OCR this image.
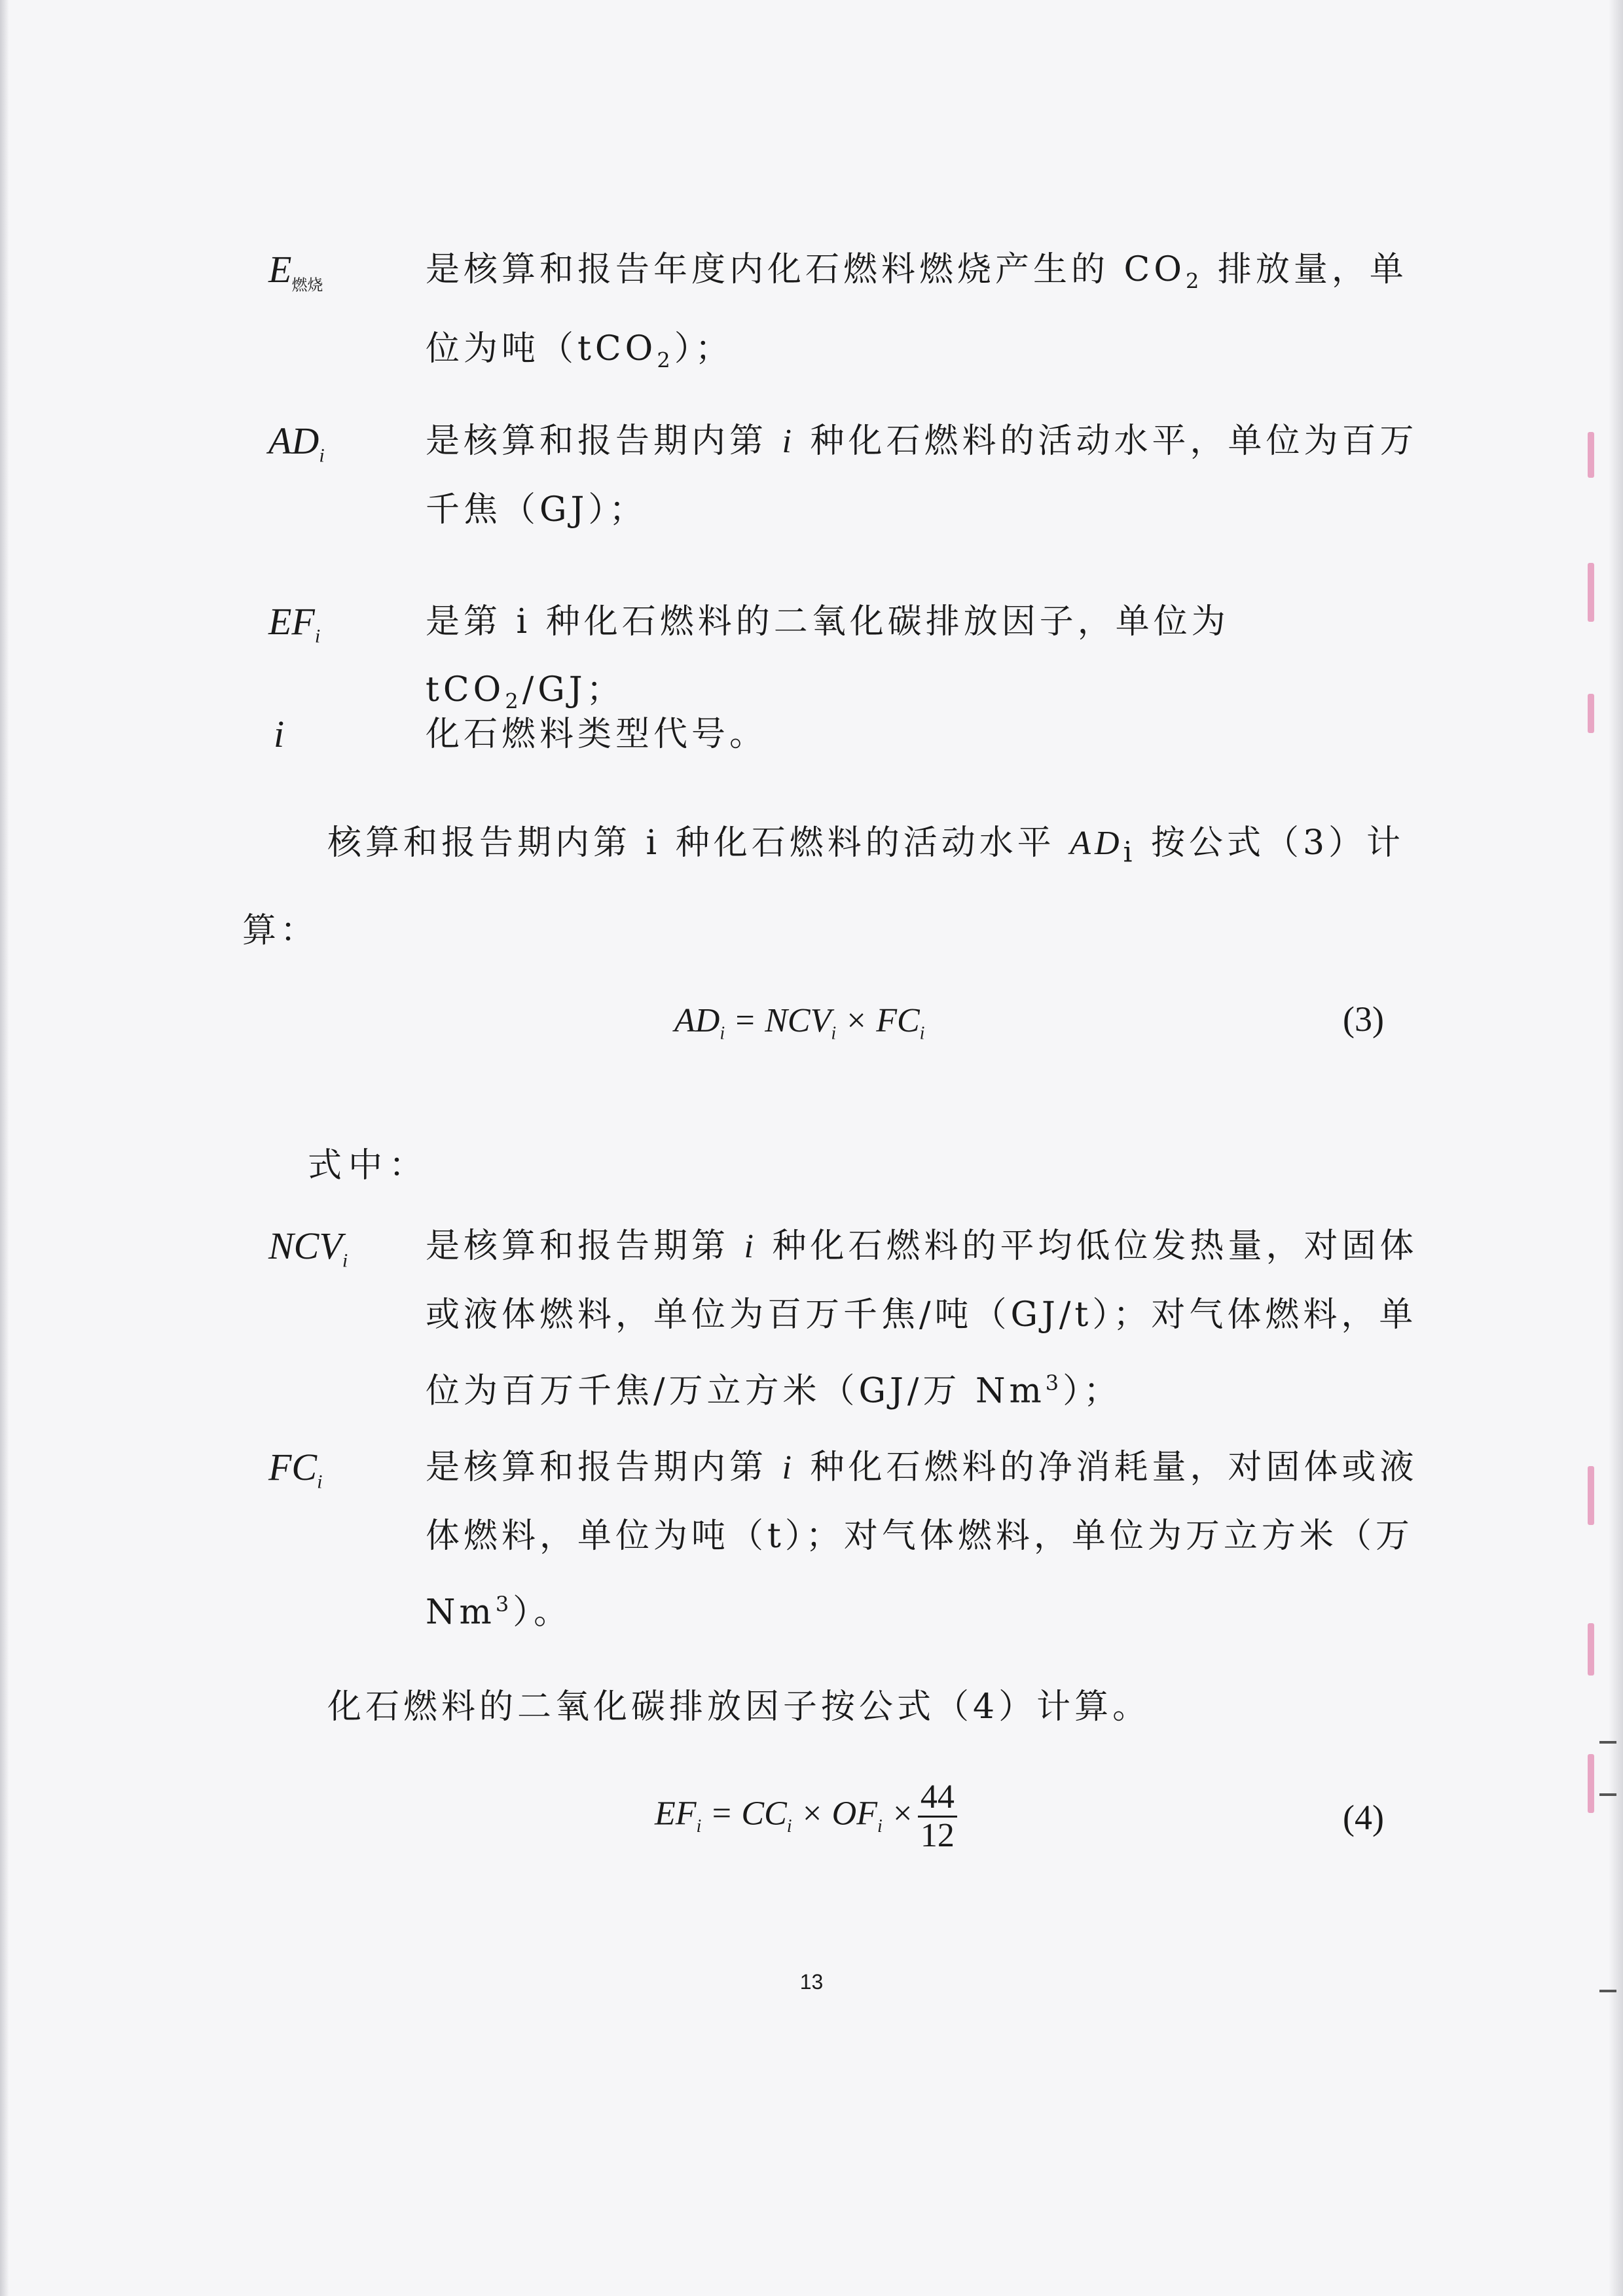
$E_{燃烧}$	是核算和报告年度内化石燃料燃烧产生的 $CO_2$ 排放量，单位为吨（tCO$_2$）；
$AD_i$	是核算和报告期内第 i 种化石燃料的活动水平，单位为百万千焦（GJ）；
$EF_i$	是第 i 种化石燃料的二氧化碳排放因子，单位为 tCO$_2$/GJ；
i	化石燃料类型代号。
核算和报告期内第 i 种化石燃料的活动水平 $AD_i$ 按公式（3）计算：
$AD_i = NCV_i \times FC_i$	(3)
式中：
$NCV_i$ 是核算和报告期第 i 种化石燃料的平均低位发热量，对固体或液体燃料，单位为百万千焦/吨（GJ/t）；对气体燃料，单位为百万千焦/万立方米（GJ/万 Nm$^3$）；
$FC_i$	是核算和报告期内第 i 种化石燃料的净消耗量，对固体或液体燃料，单位为吨（t）；对气体燃料，单位为万立方米（万Nm$^3$）。
化石燃料的二氧化碳排放因子按公式（4）计算。
$EF_i = CC_i \times OF_i \times \frac{44}{12}$	(4)
13
